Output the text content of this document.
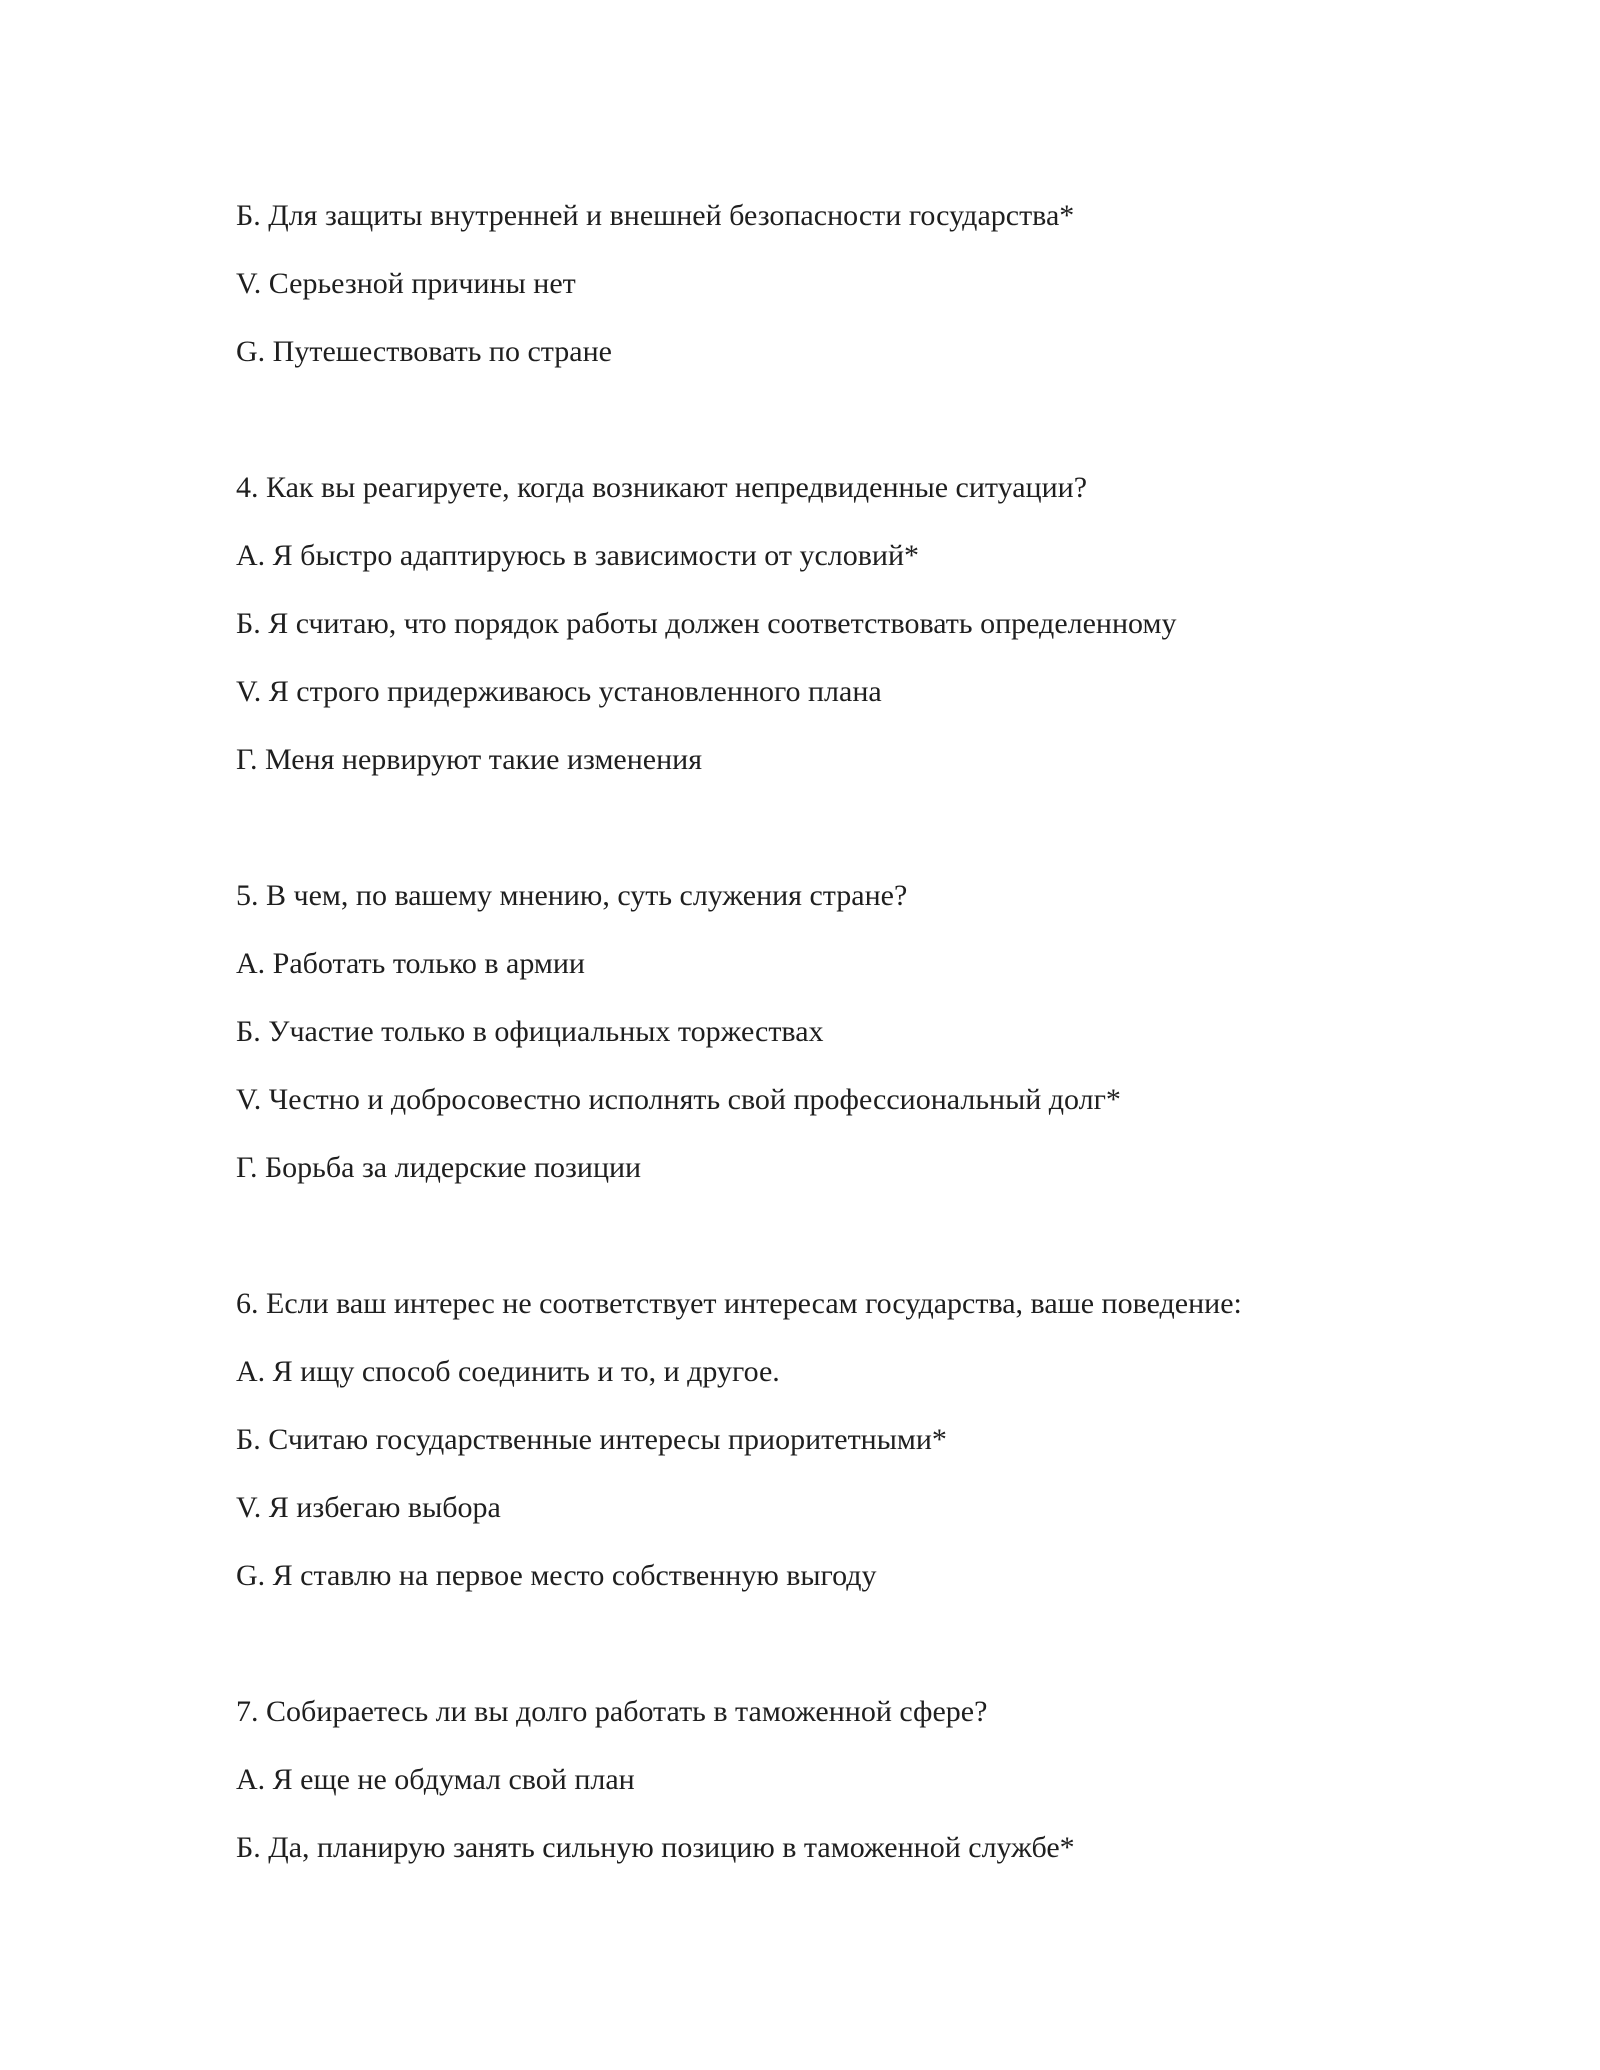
Б. Для защиты внутренней и внешней безопасности государства*
V. Серьезной причины нет
G. Путешествовать по стране
4. Как вы реагируете, когда возникают непредвиденные ситуации?
A. Я быстро адаптируюсь в зависимости от условий*
Б. Я считаю, что порядок работы должен соответствовать определенному
V. Я строго придерживаюсь установленного плана
Г. Меня нервируют такие изменения
5. В чем, по вашему мнению, суть служения стране?
A. Работать только в армии
Б. Участие только в официальных торжествах
V. Честно и добросовестно исполнять свой профессиональный долг*
Г. Борьба за лидерские позиции
6. Если ваш интерес не соответствует интересам государства, ваше поведение:
A. Я ищу способ соединить и то, и другое.
Б. Считаю государственные интересы приоритетными*
V. Я избегаю выбора
G. Я ставлю на первое место собственную выгоду
7. Собираетесь ли вы долго работать в таможенной сфере?
A. Я еще не обдумал свой план
Б. Да, планирую занять сильную позицию в таможенной службе*
